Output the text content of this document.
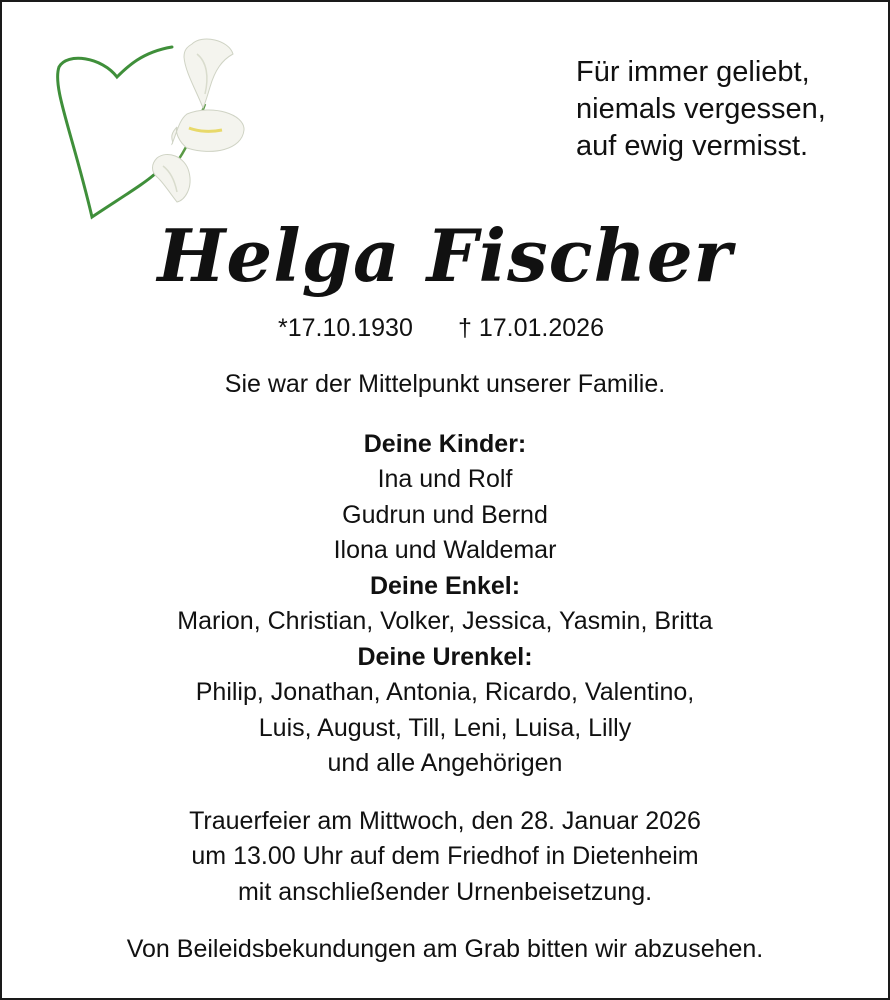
Für immer geliebt,
niemals vergessen,
auf ewig vermisst.
Helga Fischer
*17.10.1930 † 17.01.2026
Sie war der Mittelpunkt unserer Familie.
Deine Kinder:
Ina und Rolf
Gudrun und Bernd
Ilona und Waldemar
Deine Enkel:
Marion, Christian, Volker, Jessica, Yasmin, Britta
Deine Urenkel:
Philip, Jonathan, Antonia, Ricardo, Valentino,
Luis, August, Till, Leni, Luisa, Lilly
und alle Angehörigen
Trauerfeier am Mittwoch, den 28. Januar 2026
um 13.00 Uhr auf dem Friedhof in Dietenheim
mit anschließender Urnenbeisetzung.
Von Beileidsbekundungen am Grab bitten wir abzusehen.
